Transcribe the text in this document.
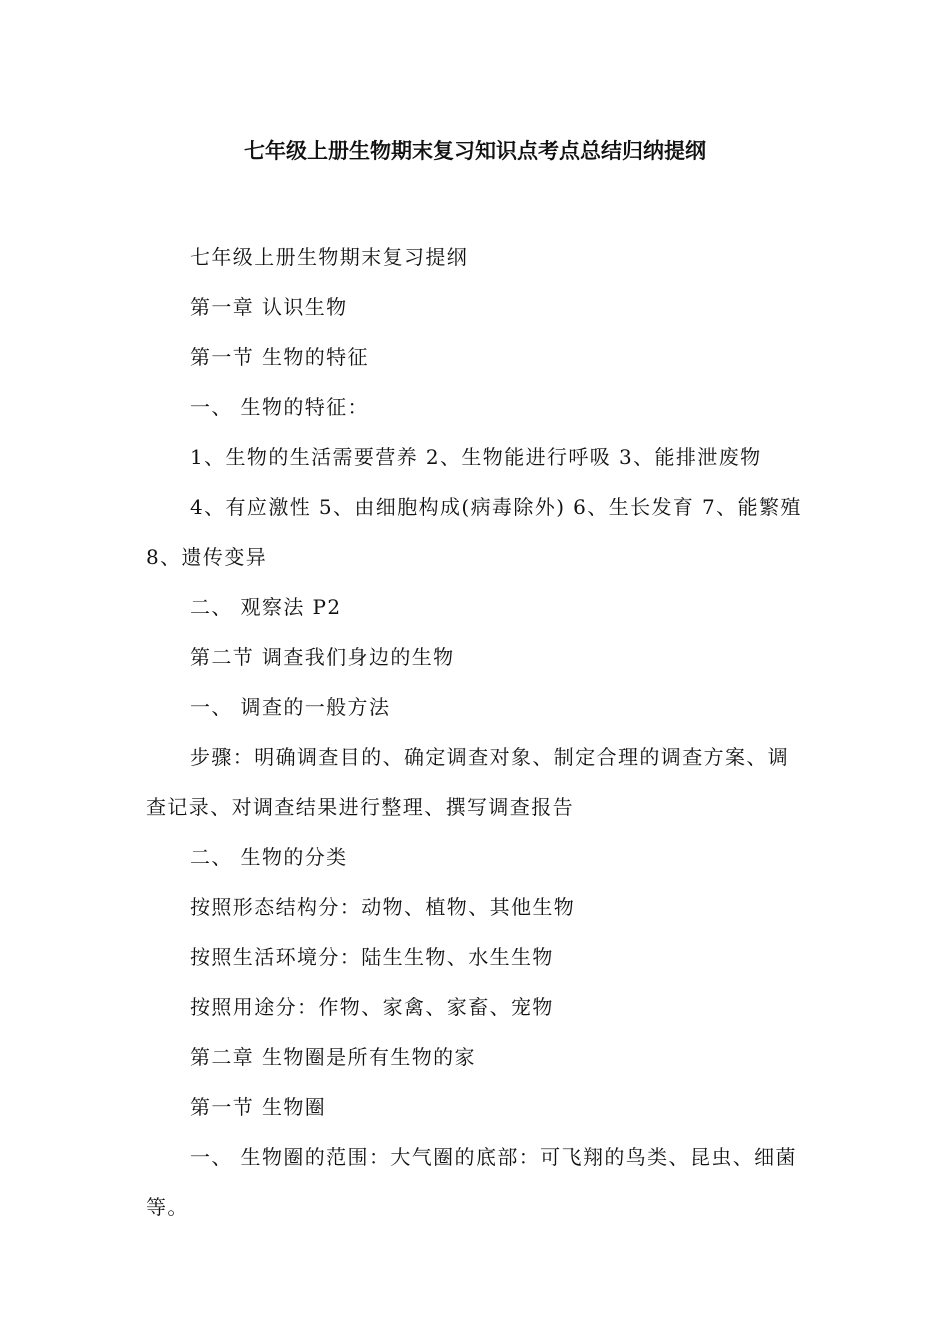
七年级上册生物期末复习知识点考点总结归纳提纲

七年级上册生物期末复习提纲

第一章 认识生物

第一节 生物的特征

一、 生物的特征：

1、生物的生活需要营养 2、生物能进行呼吸 3、能排泄废物

4、有应激性 5、由细胞构成(病毒除外) 6、生长发育 7、能繁殖 8、遗传变异

二、 观察法 P2

第二节 调查我们身边的生物

一、 调查的一般方法

步骤：明确调查目的、确定调查对象、制定合理的调查方案、调查记录、对调查结果进行整理、撰写调查报告

二、 生物的分类

按照形态结构分：动物、植物、其他生物

按照生活环境分：陆生生物、水生生物

按照用途分：作物、家禽、家畜、宠物

第二章 生物圈是所有生物的家

第一节 生物圈

一、 生物圈的范围：大气圈的底部：可飞翔的鸟类、昆虫、细菌等。
